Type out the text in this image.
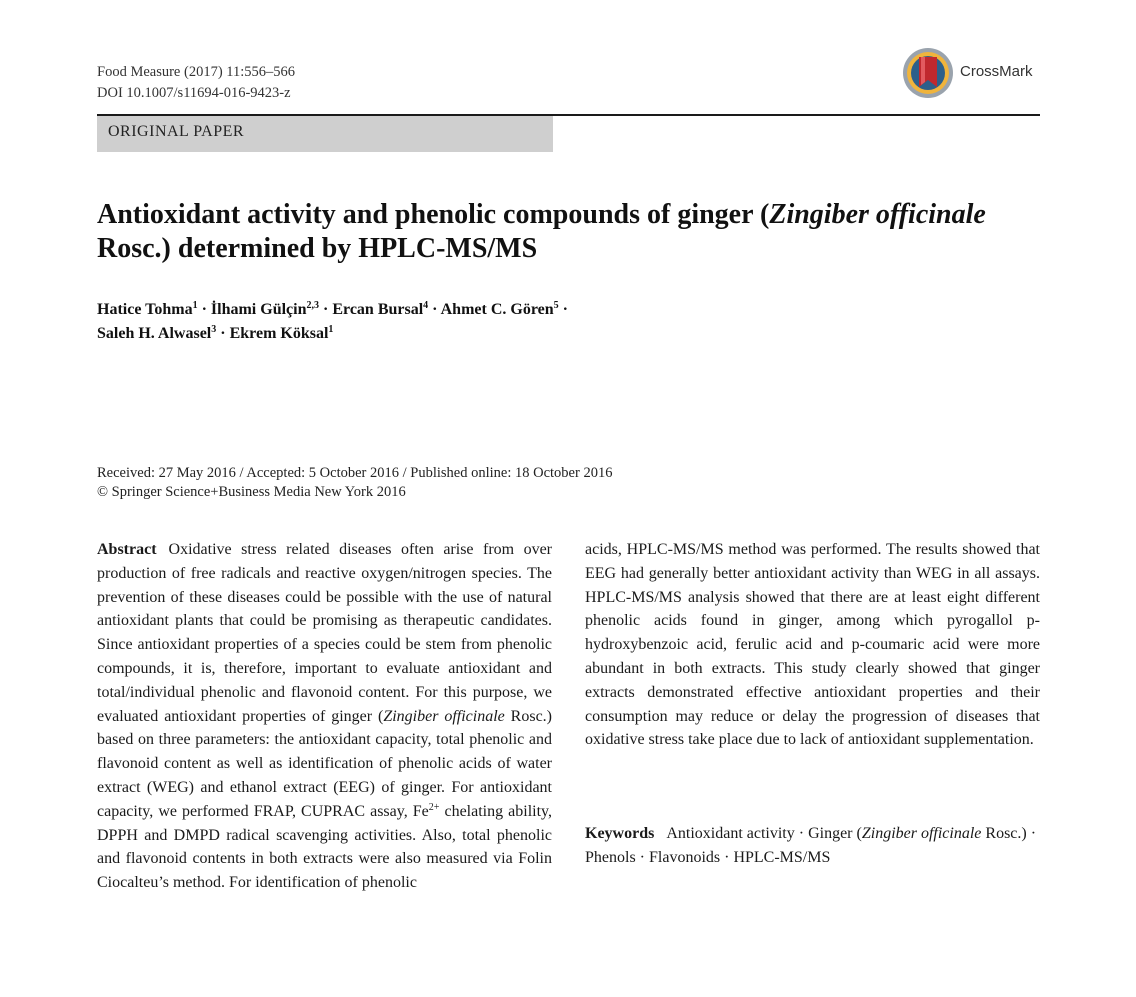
Food Measure (2017) 11:556–566
DOI 10.1007/s11694-016-9423-z
CrossMark
ORIGINAL PAPER
Antioxidant activity and phenolic compounds of ginger (Zingiber officinale Rosc.) determined by HPLC-MS/MS
Hatice Tohma$^1$ · İlhami Gülçin$^{2,3}$ · Ercan Bursal$^4$ · Ahmet C. Gören$^5$ ·
Saleh H. Alwasel$^3$ · Ekrem Köksal$^1$
Received: 27 May 2016 / Accepted: 5 October 2016 / Published online: 18 October 2016
© Springer Science+Business Media New York 2016
Abstract Oxidative stress related diseases often arise from over production of free radicals and reactive oxygen/nitrogen species. The prevention of these diseases could be possible with the use of natural antioxidant plants that could be promising as therapeutic candidates. Since antioxidant properties of a species could be stem from phenolic compounds, it is, therefore, important to evaluate antioxidant and total/individual phenolic and flavonoid content. For this purpose, we evaluated antioxidant properties of ginger (Zingiber officinale Rosc.) based on three parameters: the antioxidant capacity, total phenolic and flavonoid content as well as identification of phenolic acids of water extract (WEG) and ethanol extract (EEG) of ginger. For antioxidant capacity, we performed FRAP, CUPRAC assay, $Fe^{2+}$ chelating ability, DPPH and DMPD radical scavenging activities. Also, total phenolic and flavonoid contents in both extracts were also measured via Folin Ciocalteu’s method. For identification of phenolic
acids, HPLC-MS/MS method was performed. The results showed that EEG had generally better antioxidant activity than WEG in all assays. HPLC-MS/MS analysis showed that there are at least eight different phenolic acids found in ginger, among which pyrogallol p-hydroxybenzoic acid, ferulic acid and p-coumaric acid were more abundant in both extracts. This study clearly showed that ginger extracts demonstrated effective antioxidant properties and their consumption may reduce or delay the progression of diseases that oxidative stress take place due to lack of antioxidant supplementation.
Keywords Antioxidant activity · Ginger (Zingiber officinale Rosc.) · Phenols · Flavonoids · HPLC-MS/MS
